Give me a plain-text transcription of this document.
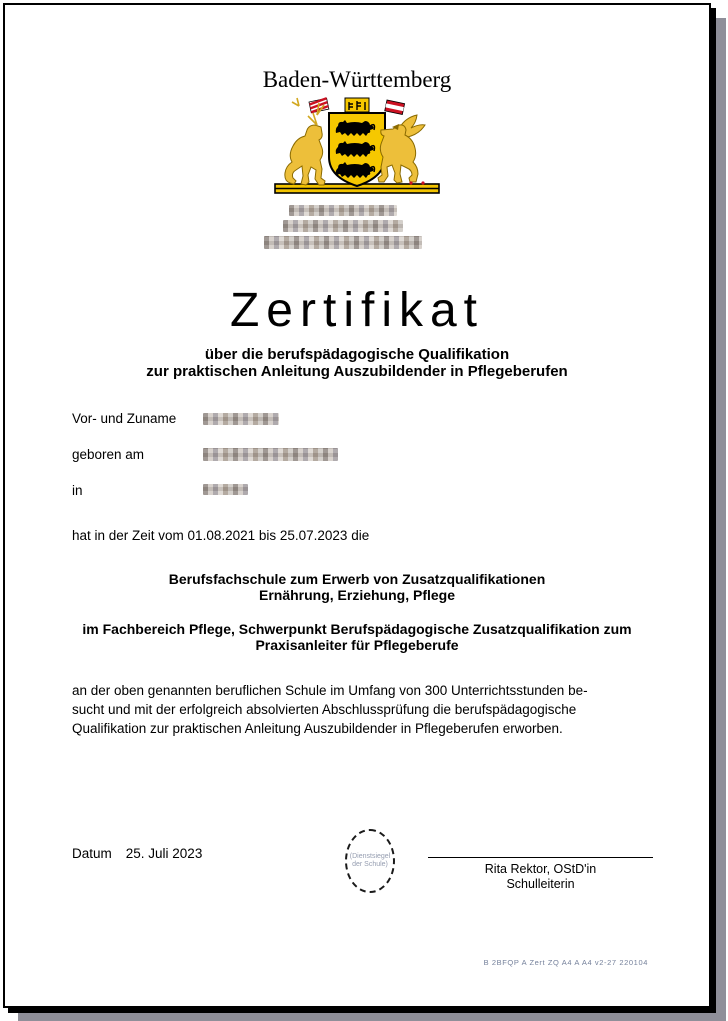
Baden-Württemberg
Zertifikat
über die berufspädagogische Qualifikation
zur praktischen Anleitung Auszubildender in Pflegeberufen
Vor- und Zuname
geboren am
in
hat in der Zeit vom 01.08.2021 bis 25.07.2023 die
Berufsfachschule zum Erwerb von Zusatzqualifikationen
Ernährung, Erziehung, Pflege
im Fachbereich Pflege, Schwerpunkt Berufspädagogische Zusatzqualifikation zum
Praxisanleiter für Pflegeberufe
an der oben genannten beruflichen Schule im Umfang von 300 Unterrichtsstunden be-
sucht und mit der erfolgreich absolvierten Abschlussprüfung die berufspädagogische
Qualifikation zur praktischen Anleitung Auszubildender in Pflegeberufen erworben.
Datum 25. Juli 2023	(Dienstsiegel
der Schule)	Rita Rektor, OStD'in
Schulleiterin
B 2BFQP A Zert ZQ A4 A A4 v2-27 220104
